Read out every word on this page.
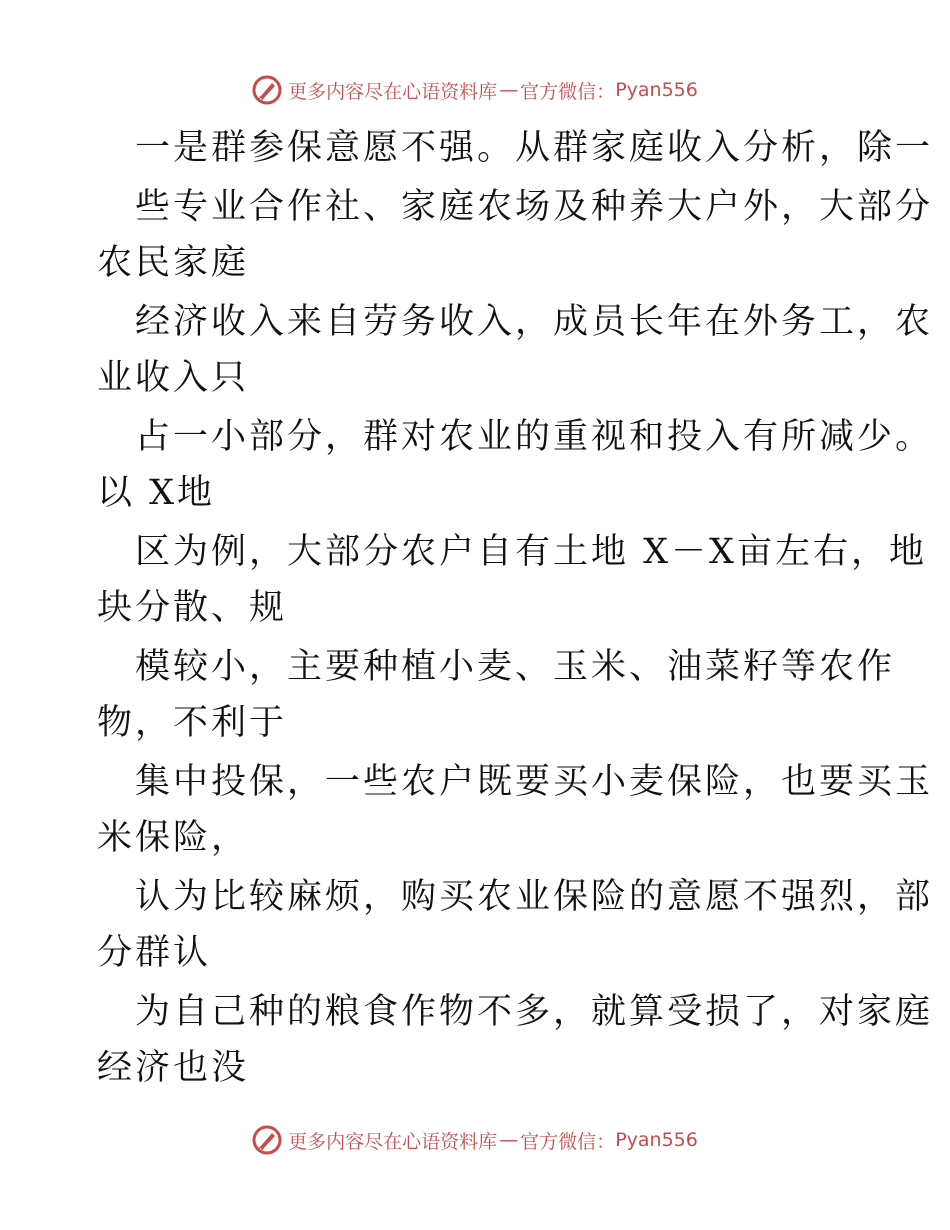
更多内容尽在心语资料库 — 官方微信： Pyan556
一是群参保意愿不强。从群家庭收入分析，除一
些专业合作社、家庭农场及种养大户外，大部分
农民家庭
经济收入来自劳务收入，成员长年在外务工，农
业收入只
占一小部分，群对农业的重视和投入有所减少。
以 X地
区为例，大部分农户自有土地 X－X亩左右，地
块分散、规
模较小，主要种植小麦、玉米、油菜籽等农作
物，不利于
集中投保，一些农户既要买小麦保险，也要买玉
米保险，
认为比较麻烦，购买农业保险的意愿不强烈，部
分群认
为自己种的粮食作物不多，就算受损了，对家庭
经济也没
更多内容尽在心语资料库 — 官方微信： Pyan556
